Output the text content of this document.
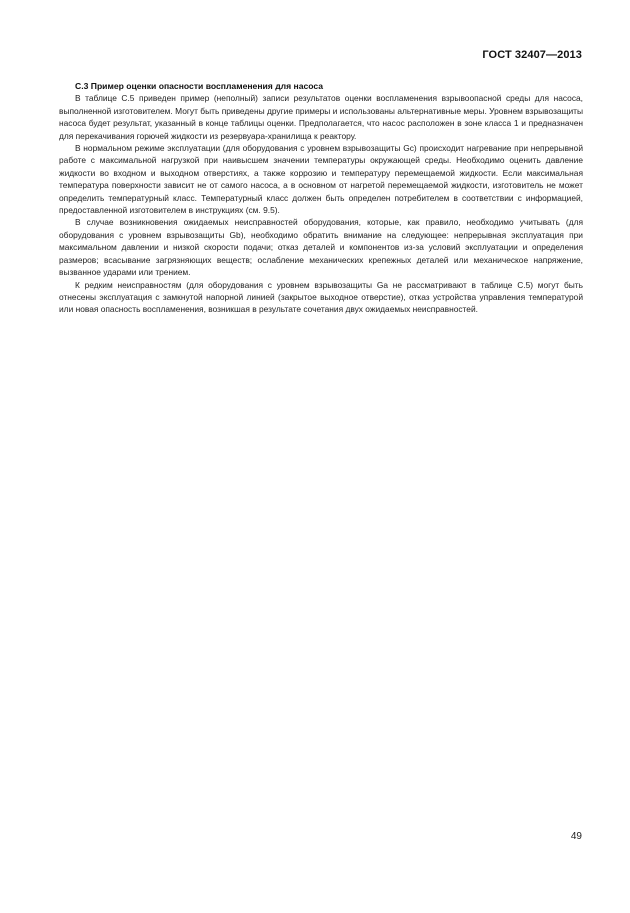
ГОСТ 32407—2013

С.3 Пример оценки опасности воспламенения для насоса

В таблице С.5 приведен пример (неполный) записи результатов оценки воспламенения взрывоопасной среды для насоса, выполненной изготовителем. Могут быть приведены другие примеры и использованы альтернативные меры. Уровнем взрывозащиты насоса будет результат, указанный в конце таблицы оценки. Предполагается, что насос расположен в зоне класса 1 и предназначен для перекачивания горючей жидкости из резервуара-хранилища к реактору.

В нормальном режиме эксплуатации (для оборудования с уровнем взрывозащиты Gc) происходит нагревание при непрерывной работе с максимальной нагрузкой при наивысшем значении температуры окружающей среды. Необходимо оценить давление жидкости во входном и выходном отверстиях, а также коррозию и температуру перемещаемой жидкости. Если максимальная температура поверхности зависит не от самого насоса, а в основном от нагретой перемещаемой жидкости, изготовитель не может определить температурный класс. Температурный класс должен быть определен потребителем в соответствии с информацией, предоставленной изготовителем в инструкциях (см. 9.5).

В случае возникновения ожидаемых неисправностей оборудования, которые, как правило, необходимо учитывать (для оборудования с уровнем взрывозащиты Gb), необходимо обратить внимание на следующее: непрерывная эксплуатация при максимальном давлении и низкой скорости подачи; отказ деталей и компонентов из-за условий эксплуатации и определения размеров; всасывание загрязняющих веществ; ослабление механических крепежных деталей или механическое напряжение, вызванное ударами или трением.

К редким неисправностям (для оборудования с уровнем взрывозащиты Ga не рассматривают в таблице С.5) могут быть отнесены эксплуатация с замкнутой напорной линией (закрытое выходное отверстие), отказ устройства управления температурой или новая опасность воспламенения, возникшая в результате сочетания двух ожидаемых неисправностей.

49
